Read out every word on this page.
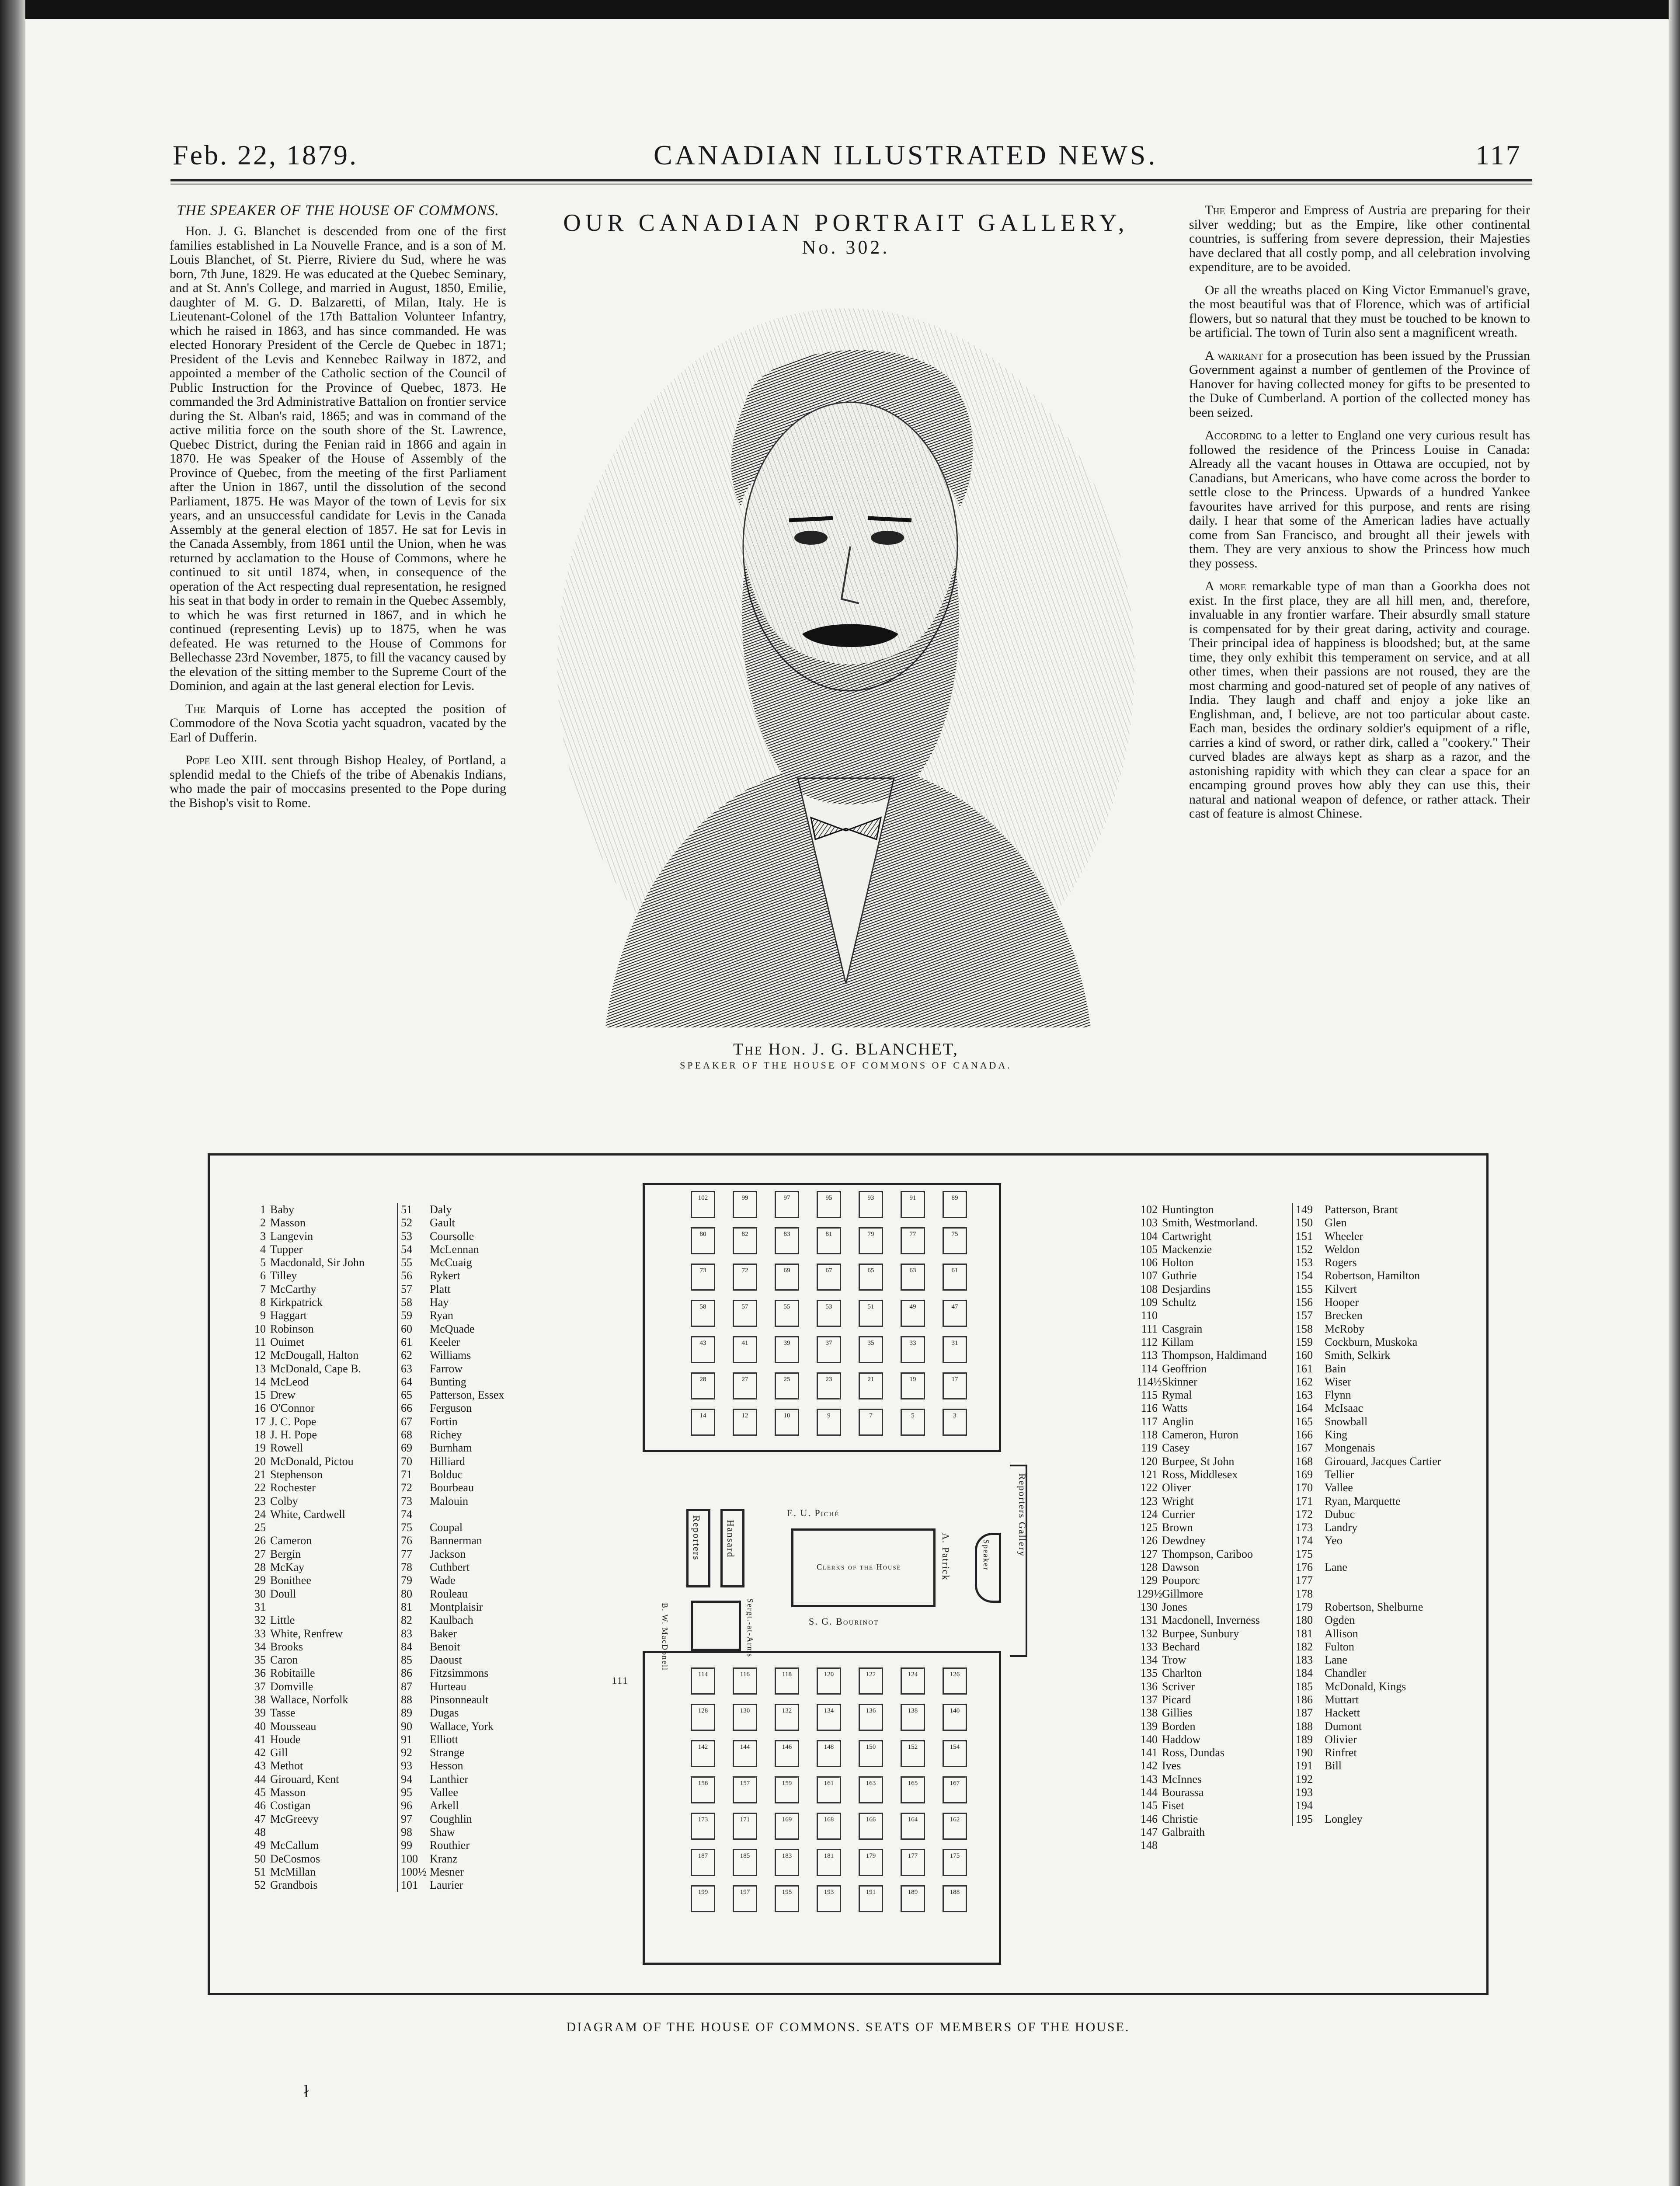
Feb. 22, 1879.	CANADIAN ILLUSTRATED NEWS.	117
THE SPEAKER OF THE HOUSE OF COMMONS.

Hon. J. G. Blanchet is descended from one of the first families established in La Nouvelle France, and is a son of M. Louis Blanchet, of St. Pierre, Riviere du Sud, where he was born, 7th June, 1829. He was educated at the Quebec Seminary, and at St. Ann's College, and married in August, 1850, Emilie, daughter of M. G. D. Balzaretti, of Milan, Italy. He is Lieutenant-Colonel of the 17th Battalion Volunteer Infantry, which he raised in 1863, and has since commanded. He was elected Honorary President of the Cercle de Quebec in 1871; President of the Levis and Kennebec Railway in 1872, and appointed a member of the Catholic section of the Council of Public Instruction for the Province of Quebec, 1873. He commanded the 3rd Administrative Battalion on frontier service during the St. Alban's raid, 1865; and was in command of the active militia force on the south shore of the St. Lawrence, Quebec District, during the Fenian raid in 1866 and again in 1870. He was Speaker of the House of Assembly of the Province of Quebec, from the meeting of the first Parliament after the Union in 1867, until the dissolution of the second Parliament, 1875. He was Mayor of the town of Levis for six years, and an unsuccessful candidate for Levis in the Canada Assembly at the general election of 1857. He sat for Levis in the Canada Assembly, from 1861 until the Union, when he was returned by acclamation to the House of Commons, where he continued to sit until 1874, when, in consequence of the operation of the Act respecting dual representation, he resigned his seat in that body in order to remain in the Quebec Assembly, to which he was first returned in 1867, and in which he continued (representing Levis) up to 1875, when he was defeated. He was returned to the House of Commons for Bellechasse 23rd November, 1875, to fill the vacancy caused by the elevation of the sitting member to the Supreme Court of the Dominion, and again at the last general election for Levis.

The Marquis of Lorne has accepted the position of Commodore of the Nova Scotia yacht squadron, vacated by the Earl of Dufferin.

Pope Leo XIII. sent through Bishop Healey, of Portland, a splendid medal to the Chiefs of the tribe of Abenakis Indians, who made the pair of moccasins presented to the Pope during the Bishop's visit to Rome.

OUR CANADIAN PORTRAIT GALLERY,
No. 302.
The Hon. J. G. BLANCHET,
SPEAKER OF THE HOUSE OF COMMONS OF CANADA.

The Emperor and Empress of Austria are preparing for their silver wedding; but as the Empire, like other continental countries, is suffering from severe depression, their Majesties have declared that all costly pomp, and all celebration involving expenditure, are to be avoided.

Of all the wreaths placed on King Victor Emmanuel's grave, the most beautiful was that of Florence, which was of artificial flowers, but so natural that they must be touched to be known to be artificial. The town of Turin also sent a magnificent wreath.

A warrant for a prosecution has been issued by the Prussian Government against a number of gentlemen of the Province of Hanover for having collected money for gifts to be presented to the Duke of Cumberland. A portion of the collected money has been seized.

According to a letter to England one very curious result has followed the residence of the Princess Louise in Canada: Already all the vacant houses in Ottawa are occupied, not by Canadians, but Americans, who have come across the border to settle close to the Princess. Upwards of a hundred Yankee favourites have arrived for this purpose, and rents are rising daily. I hear that some of the American ladies have actually come from San Francisco, and brought all their jewels with them. They are very anxious to show the Princess how much they possess.

A more remarkable type of man than a Goorkha does not exist. In the first place, they are all hill men, and, therefore, invaluable in any frontier warfare. Their absurdly small stature is compensated for by their great daring, activity and courage. Their principal idea of happiness is bloodshed; but, at the same time, they only exhibit this temperament on service, and at all other times, when their passions are not roused, they are the most charming and good-natured set of people of any natives of India. They laugh and chaff and enjoy a joke like an Englishman, and, I believe, are not too particular about caste. Each man, besides the ordinary soldier's equipment of a rifle, carries a kind of sword, or rather dirk, called a "cookery." Their curved blades are always kept as sharp as a razor, and the astonishing rapidity with which they can clear a space for an encamping ground proves how ably they can use this, their natural and national weapon of defence, or rather attack. Their cast of feature is almost Chinese.

1 Baby
2 Masson
3 Langevin
4 Tupper
5 Macdonald, Sir John
6 Tilley
7 McCarthy
8 Kirkpatrick
9 Haggart
10 Robinson
11 Ouimet
12 McDougall, Halton
13 McDonald, Cape B.
14 McLeod
15 Drew
16 O'Connor
17 J. C. Pope
18 J. H. Pope
19 Rowell
20 McDonald, Pictou
21 Stephenson
22 Rochester
23 Colby
24 White, Cardwell
25
26 Cameron
27 Bergin
28 McKay
29 Bonithee
30 Doull
31
32 Little
33 White, Renfrew
34 Brooks
35 Caron
36 Robitaille
37 Domville
38 Wallace, Norfolk
39 Tasse
40 Mousseau
41 Houde
42 Gill
43 Methot
44 Girouard, Kent
45 Masson
46 Costigan
47 McGreevy
48
49 McCallum
50 DeCosmos
51 McMillan
52 Grandbois
51 Daly
52 Gault
53 Coursolle
54 McLennan
55 McCuaig
56 Rykert
57 Platt
58 Hay
59 Ryan
60 McQuade
61 Keeler
62 Williams
63 Farrow
64 Bunting
65 Patterson, Essex
66 Ferguson
67 Fortin
68 Richey
69 Burnham
70 Hilliard
71 Bolduc
72 Bourbeau
73 Malouin
74
75 Coupal
76 Bannerman
77 Jackson
78 Cuthbert
79 Wade
80 Rouleau
81 Montplaisir
82 Kaulbach
83 Baker
84 Benoit
85 Daoust
86 Fitzsimmons
87 Hurteau
88 Pinsonneault
89 Dugas
90 Wallace, York
91 Elliott
92 Strange
93 Hesson
94 Lanthier
95 Vallee
96 Arkell
97 Coughlin
98 Shaw
99 Routhier
100 Kranz
100½ Mesner
101 Laurier
102 Huntington
103 Smith, Westmorland.
104 Cartwright
105 Mackenzie
106 Holton
107 Guthrie
108 Desjardins
109 Schultz
110
111 Casgrain
112 Killam
113 Thompson, Haldimand
114 Geoffrion
114½Skinner
115 Rymal
116 Watts
117 Anglin
118 Cameron, Huron
119 Casey
120 Burpee, St John
121 Ross, Middlesex
122 Oliver
123 Wright
124 Currier
125 Brown
126 Dewdney
127 Thompson, Cariboo
128 Dawson
129 Pouporc
129½Gillmore
130 Jones
131 Macdonell, Inverness
132 Burpee, Sunbury
133 Bechard
134 Trow
135 Charlton
136 Scriver
137 Picard
138 Gillies
139 Borden
140 Haddow
141 Ross, Dundas
142 Ives
143 McInnes
144 Bourassa
145 Fiset
146 Christie
147 Galbraith
148
149 Patterson, Brant
150 Glen
151 Wheeler
152 Weldon
153 Rogers
154 Robertson, Hamilton
155 Kilvert
156 Hooper
157 Brecken
158 McRoby
159 Cockburn, Muskoka
160 Smith, Selkirk
161 Bain
162 Wiser
163 Flynn
164 McIsaac
165 Snowball
166 King
167 Mongenais
168 Girouard, Jacques Cartier
169 Tellier
170 Vallee
171 Ryan, Marquette
172 Dubuc
173 Landry
174 Yeo
175
176 Lane
177
178
179 Robertson, Shelburne
180 Ogden
181 Allison
182 Fulton
183 Lane
184 Chandler
185 McDonald, Kings
186 Muttart
187 Hackett
188 Dumont
189 Olivier
190 Rinfret
191 Bill
192
193
194
195 Longley
102	99	97	95	93	91	89
80	82	83	81	79	77	75
73	72	69	67	65	63	61
58	57	55	53	51	49	47
43	41	39	37	35	33	31
28	27	25	23	21	19	17
14	12	10	9	7	5	3
114	116	118	120	122	124	126
128	130	132	134	136	138	140
142	144	146	148	150	152	154
156	157	159	161	163	165	167
173	171	169	168	166	164	162
187	185	183	181	179	177	175
199	197	195	193	191	189	188
Reporters Hansard
E. U. Piché
Clerks of the House	A. Patrick
S. G. Bourinot
Speaker
B. W. MacDonell	Sergt.-at-Arms
111
Reporters Gallery
DIAGRAM OF THE HOUSE OF COMMONS. SEATS OF MEMBERS OF THE HOUSE.
ł
